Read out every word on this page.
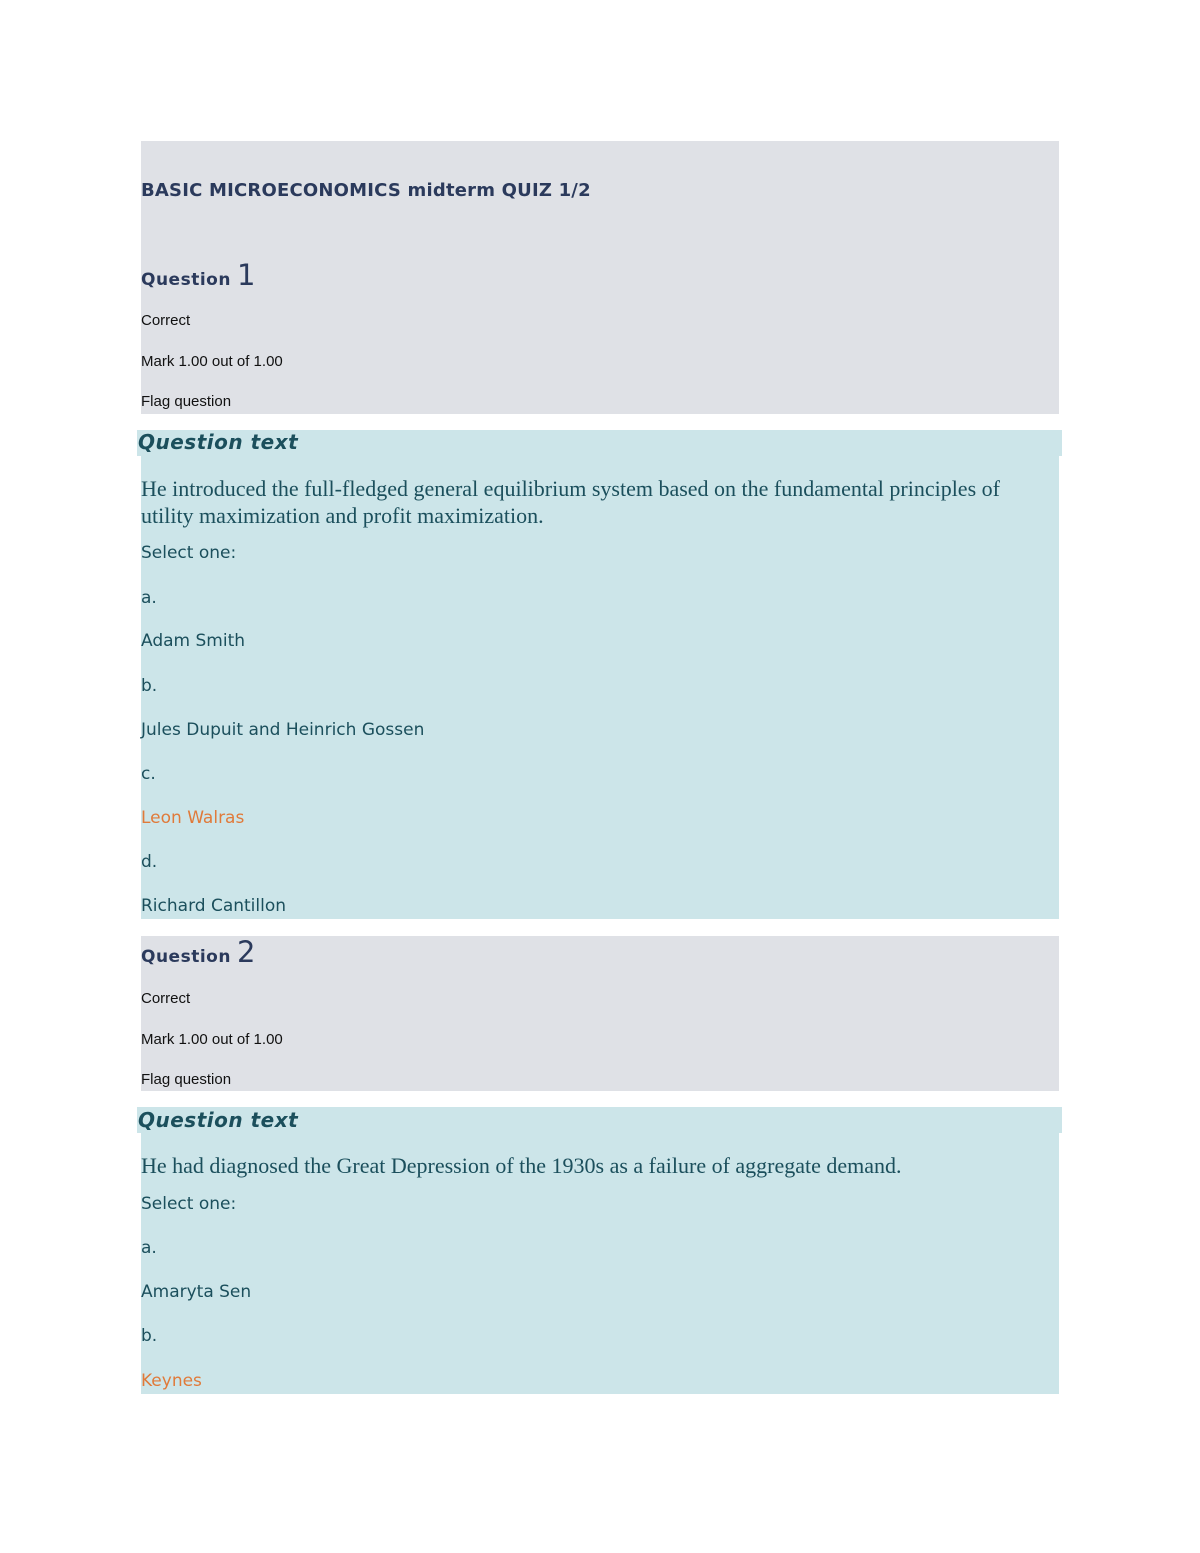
BASIC MICROECONOMICS midterm QUIZ 1/2
Question 1
Correct
Mark 1.00 out of 1.00
Flag question
Question text
He introduced the full-fledged general equilibrium system based on the fundamental principles of utility maximization and profit maximization.
Select one:
a.
Adam Smith
b.
Jules Dupuit and Heinrich Gossen
c.
Leon Walras
d.
Richard Cantillon
Question 2
Correct
Mark 1.00 out of 1.00
Flag question
Question text
He had diagnosed the Great Depression of the 1930s as a failure of aggregate demand.
Select one:
a.
Amaryta Sen
b.
Keynes
